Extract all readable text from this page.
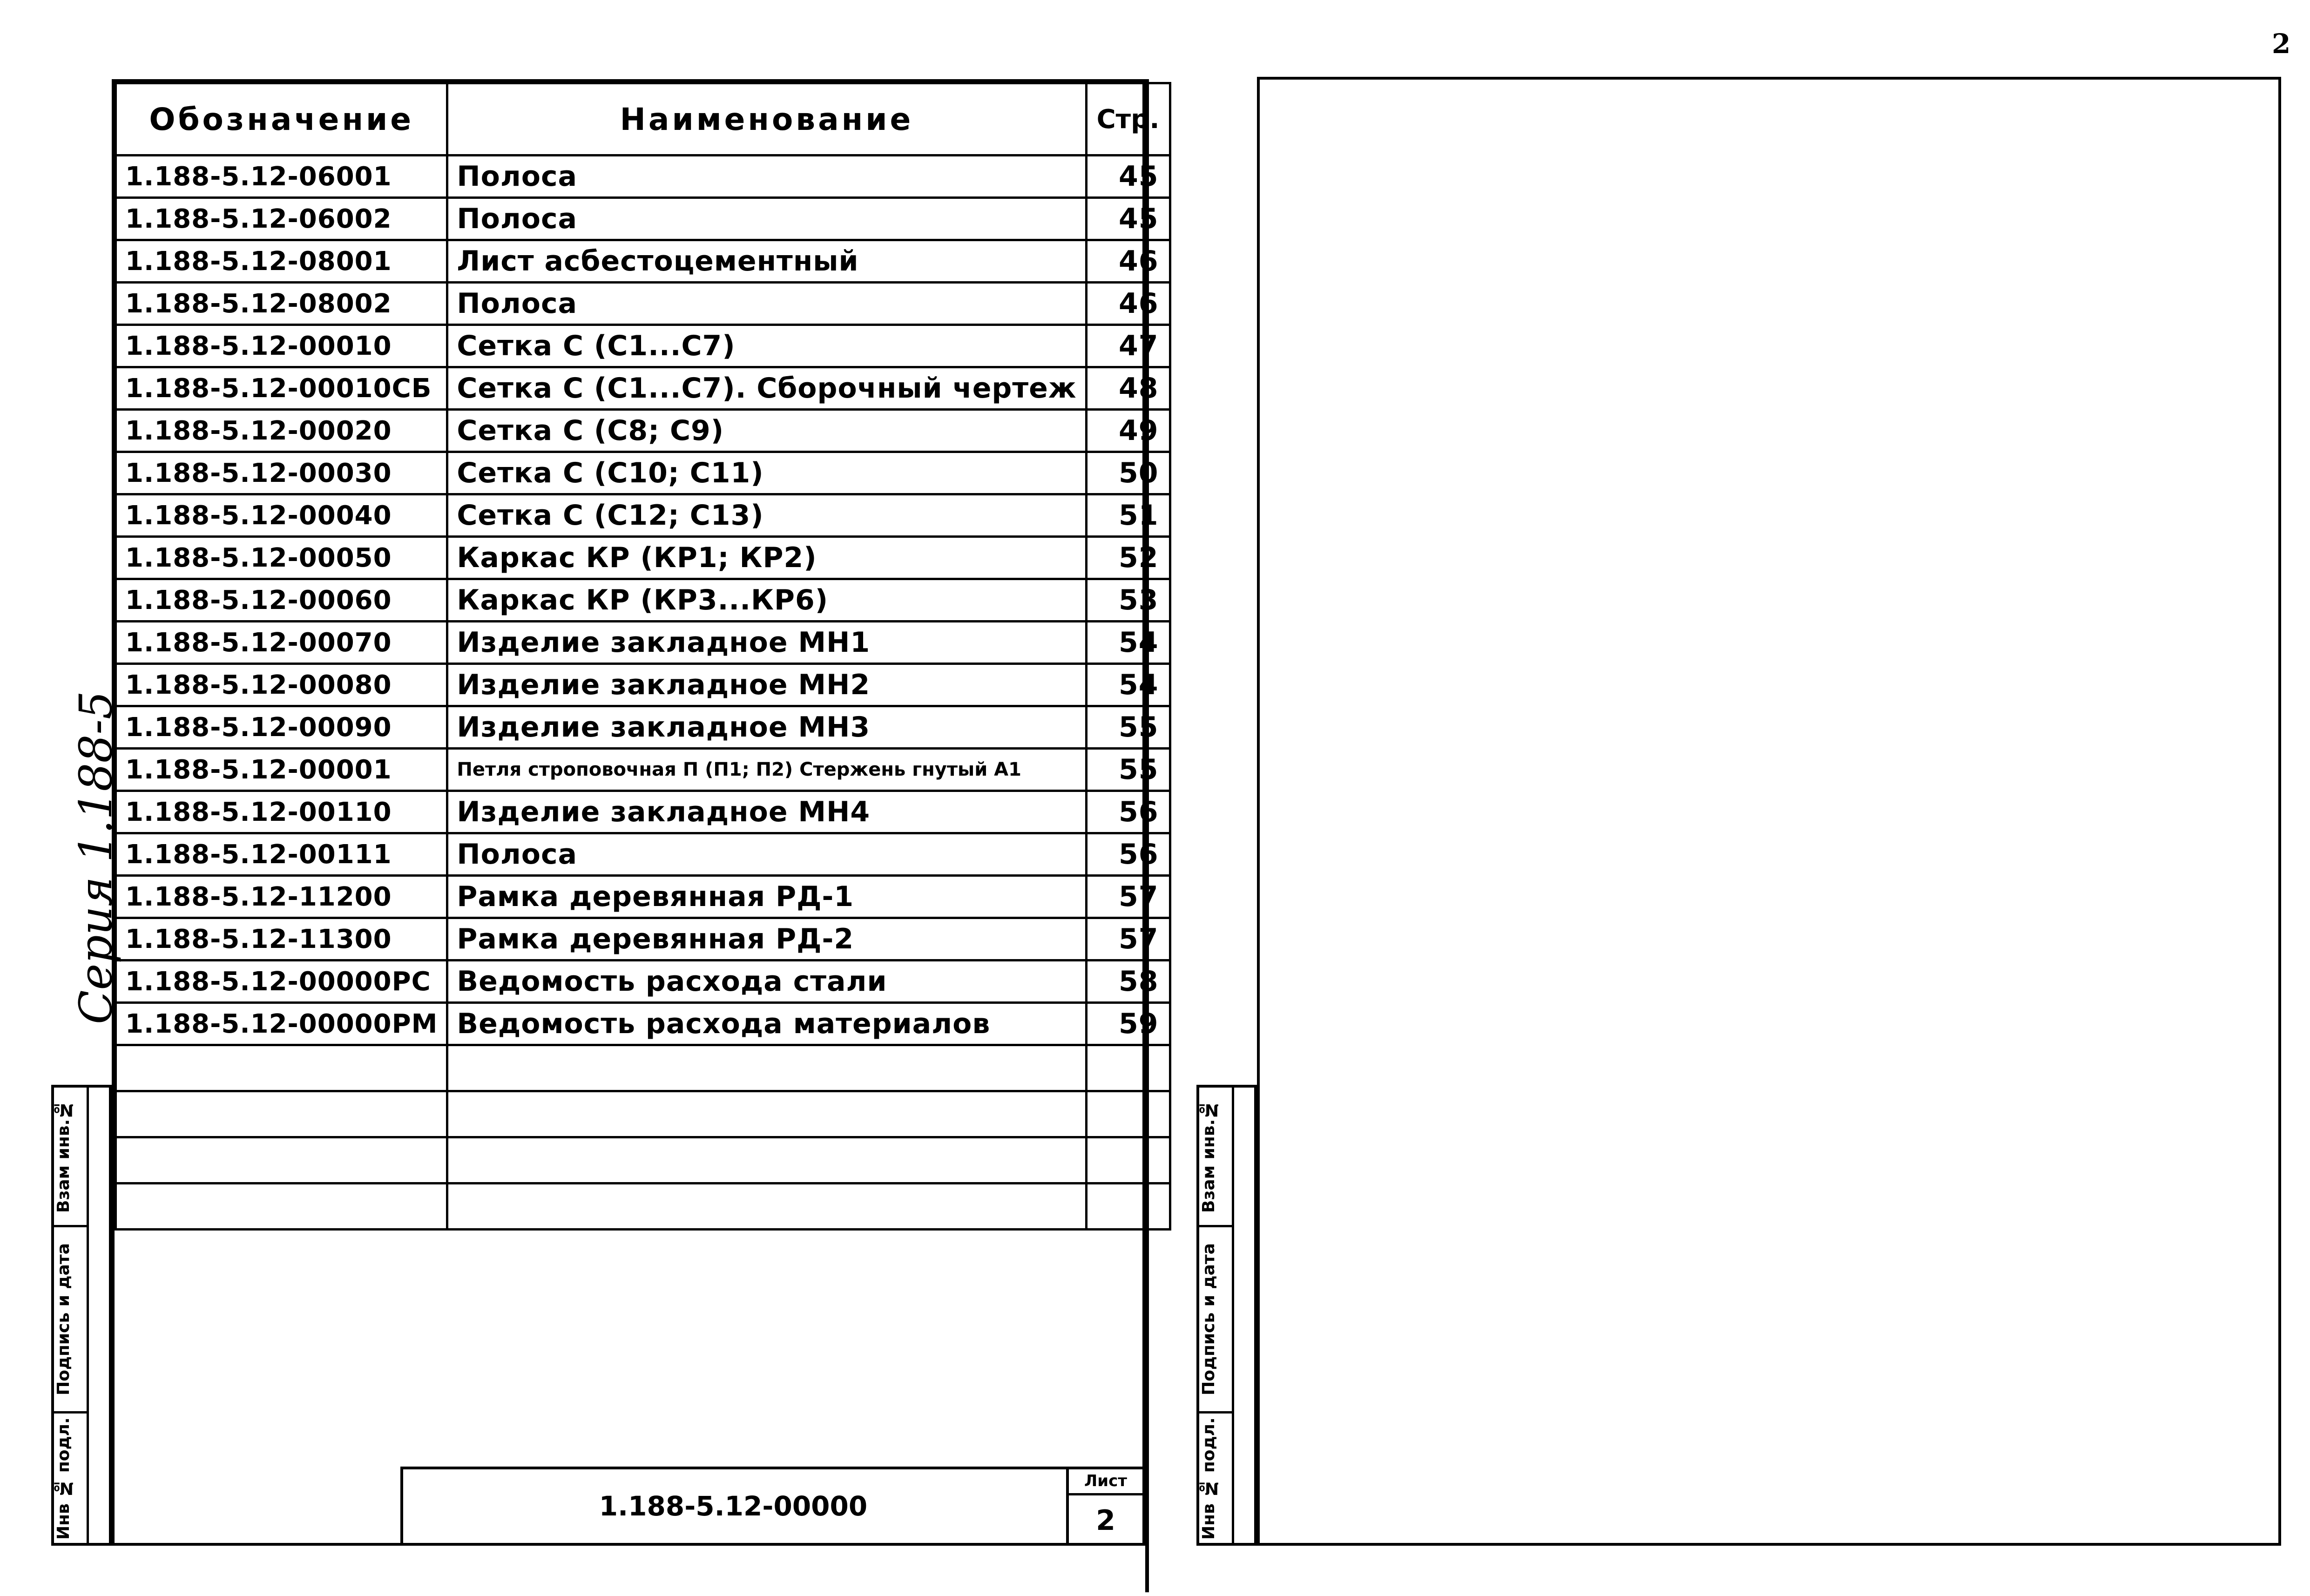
2
Обозначение	Наименование	Стр.
1.188-5.12-06001	Полоса	45
1.188-5.12-06002	Полоса	45
1.188-5.12-08001	Лист асбестоцементный	46
1.188-5.12-08002	Полоса	46
1.188-5.12-00010	Сетка С (С1...С7)	47
1.188-5.12-00010СБ	Сетка С (С1...С7). Сборочный чертеж	48
1.188-5.12-00020	Сетка С (С8; С9)	49
1.188-5.12-00030	Сетка С (С10; С11)	50
1.188-5.12-00040	Сетка С (С12; С13)	51
1.188-5.12-00050	Каркас КР (КР1; КР2)	52
1.188-5.12-00060	Каркас КР (КР3...КР6)	53
1.188-5.12-00070	Изделие закладное МН1	54
1.188-5.12-00080	Изделие закладное МН2	54
1.188-5.12-00090	Изделие закладное МН3	55
1.188-5.12-00001	Петля строповочная П (П1; П2) Стержень гнутый А1	55
1.188-5.12-00110	Изделие закладное МН4	56
1.188-5.12-00111	Полоса	56
1.188-5.12-11200	Рамка деревянная РД-1	57
1.188-5.12-11300	Рамка деревянная РД-2	57
1.188-5.12-00000РС	Ведомость расхода стали	58
1.188-5.12-00000РМ	Ведомость расхода материалов	59

1.188-5.12-00000
Лист
2
Взам инв.№
Подпись и дата
Инв № подл.
Серия 1.188-5
Взам инв.№
Подпись и дата
Инв № подл.
